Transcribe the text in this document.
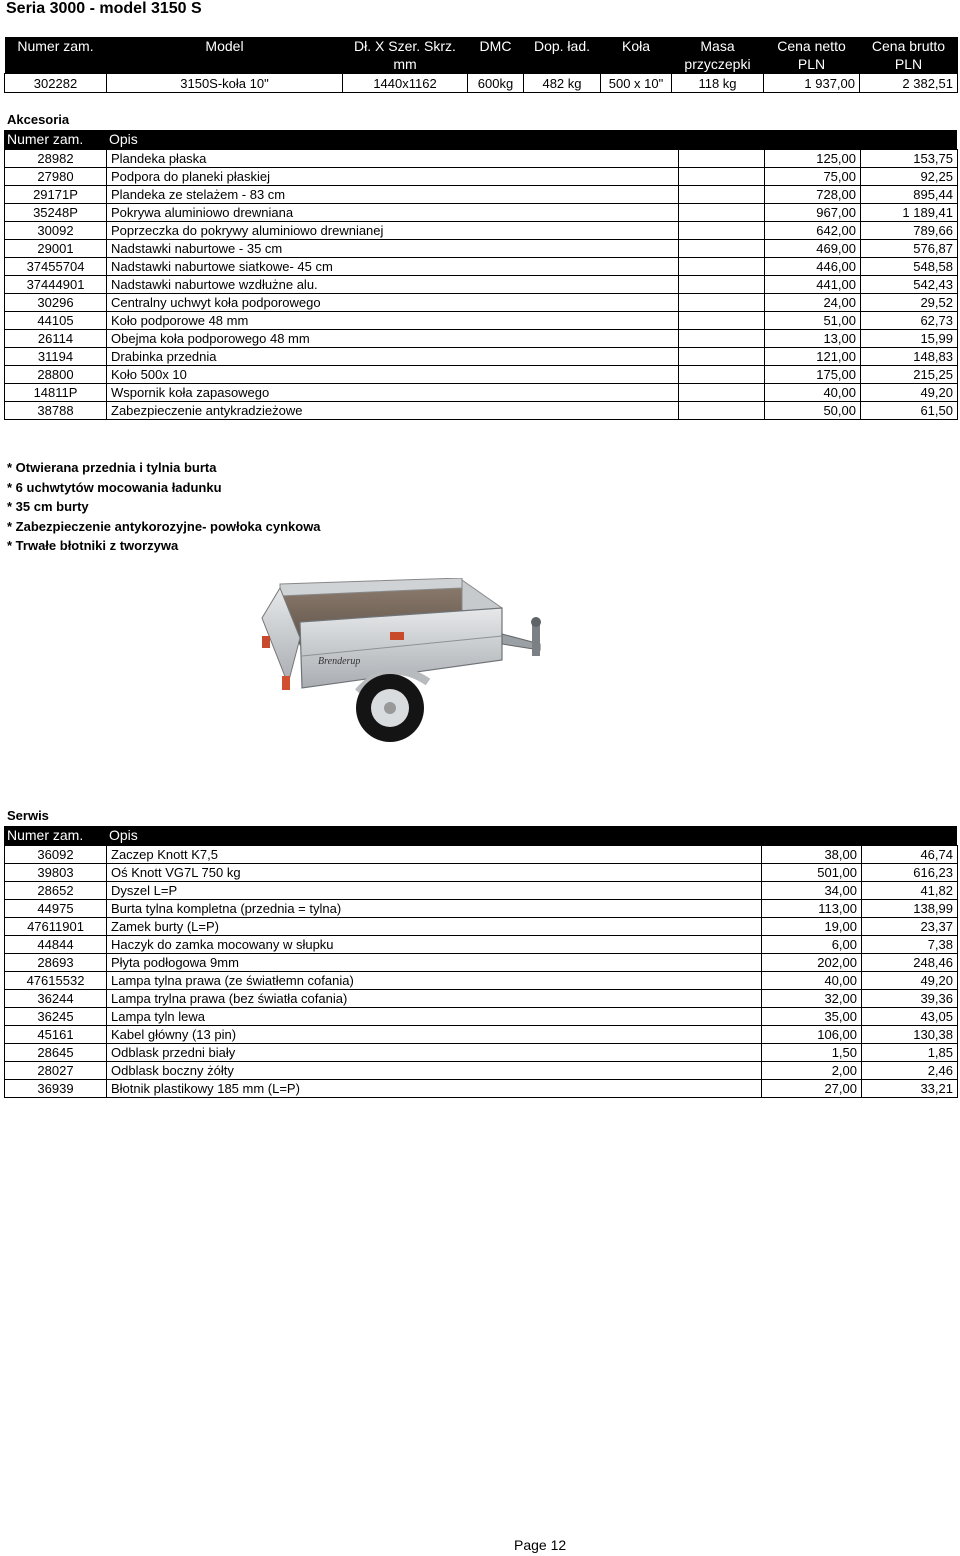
Seria 3000 - model 3150 S
Numer zam.	Model	Dł. X Szer. Skrz.	DMC	Dop. ład.	Koła	Masa	Cena netto	Cena brutto
		mm				przyczepki	PLN	PLN
302282	3150S-koła 10"	1440x1162	600kg	482 kg	500 x 10"	118 kg	1 937,00	2 382,51
Akcesoria
Numer zam. Opis
28982	Plandeka płaska		125,00	153,75
27980	Podpora do planeki płaskiej		75,00	92,25
29171P	Plandeka ze stelażem - 83 cm		728,00	895,44
35248P	Pokrywa aluminiowo drewniana		967,00	1 189,41
30092	Poprzeczka do pokrywy aluminiowo drewnianej		642,00	789,66
29001	Nadstawki naburtowe - 35 cm		469,00	576,87
37455704	Nadstawki naburtowe siatkowe- 45 cm		446,00	548,58
37444901	Nadstawki naburtowe wzdłużne alu.		441,00	542,43
30296	Centralny uchwyt koła podporowego		24,00	29,52
44105	Koło podporowe 48 mm		51,00	62,73
26114	Obejma koła podporowego 48 mm		13,00	15,99
31194	Drabinka przednia		121,00	148,83
28800	Koło 500x 10		175,00	215,25
14811P	Wspornik koła zapasowego		40,00	49,20
38788	Zabezpieczenie antykradzieżowe		50,00	61,50
* Otwierana przednia i tylnia burta
* 6 uchwtytów mocowania ładunku
* 35 cm burty
* Zabezpieczenie antykorozyjne- powłoka cynkowa
* Trwałe błotniki z tworzywa
Brenderup
Serwis
Numer zam. Opis
36092	Zaczep Knott K7,5	38,00	46,74
39803	Oś Knott VG7L 750 kg	501,00	616,23
28652	Dyszel L=P	34,00	41,82
44975	Burta tylna kompletna (przednia = tylna)	113,00	138,99
47611901	Zamek burty (L=P)	19,00	23,37
44844	Haczyk do zamka mocowany w słupku	6,00	7,38
28693	Płyta podłogowa 9mm	202,00	248,46
47615532	Lampa tylna prawa (ze światłemn cofania)	40,00	49,20
36244	Lampa trylna prawa (bez światła cofania)	32,00	39,36
36245	Lampa tyln lewa	35,00	43,05
45161	Kabel główny (13 pin)	106,00	130,38
28645	Odblask przedni biały	1,50	1,85
28027	Odblask boczny żółty	2,00	2,46
36939	Błotnik plastikowy 185 mm (L=P)	27,00	33,21
Page 12
